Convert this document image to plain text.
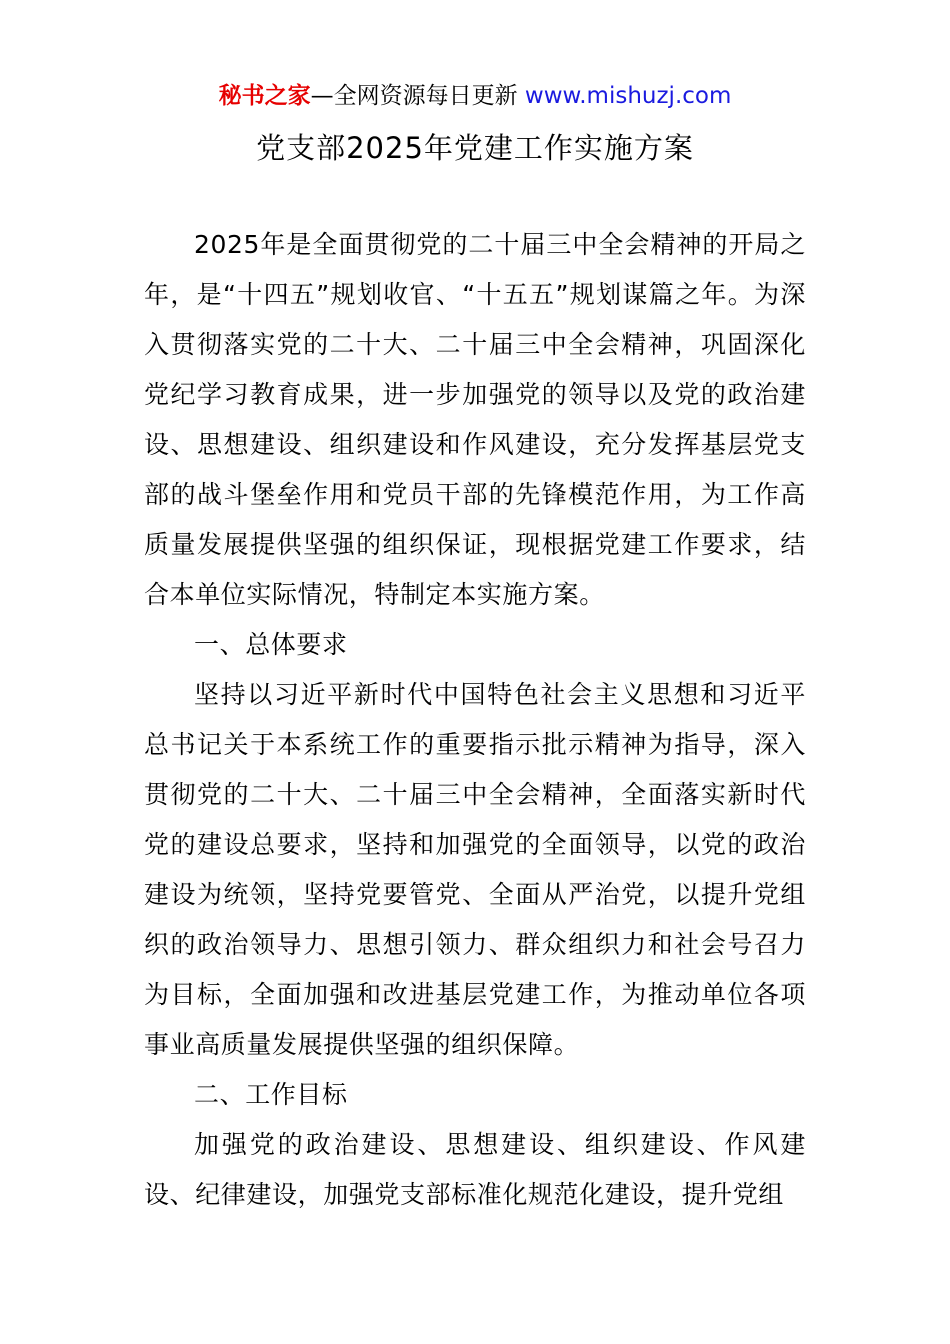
秘书之家—全网资源每日更新 www.mishuzj.com
党支部2025年党建工作实施方案

2025年是全面贯彻党的二十届三中全会精神的开局之年，是“十四五”规划收官、“十五五”规划谋篇之年。为深入贯彻落实党的二十大、二十届三中全会精神，巩固深化党纪学习教育成果，进一步加强党的领导以及党的政治建设、思想建设、组织建设和作风建设，充分发挥基层党支部的战斗堡垒作用和党员干部的先锋模范作用，为工作高质量发展提供坚强的组织保证，现根据党建工作要求，结合本单位实际情况，特制定本实施方案。

一、总体要求

坚持以习近平新时代中国特色社会主义思想和习近平总书记关于本系统工作的重要指示批示精神为指导，深入贯彻党的二十大、二十届三中全会精神，全面落实新时代党的建设总要求，坚持和加强党的全面领导，以党的政治建设为统领，坚持党要管党、全面从严治党，以提升党组织的政治领导力、思想引领力、群众组织力和社会号召力为目标，全面加强和改进基层党建工作，为推动单位各项事业高质量发展提供坚强的组织保障。

二、工作目标

加强党的政治建设、思想建设、组织建设、作风建设、纪律建设，加强党支部标准化规范化建设，提升党组
